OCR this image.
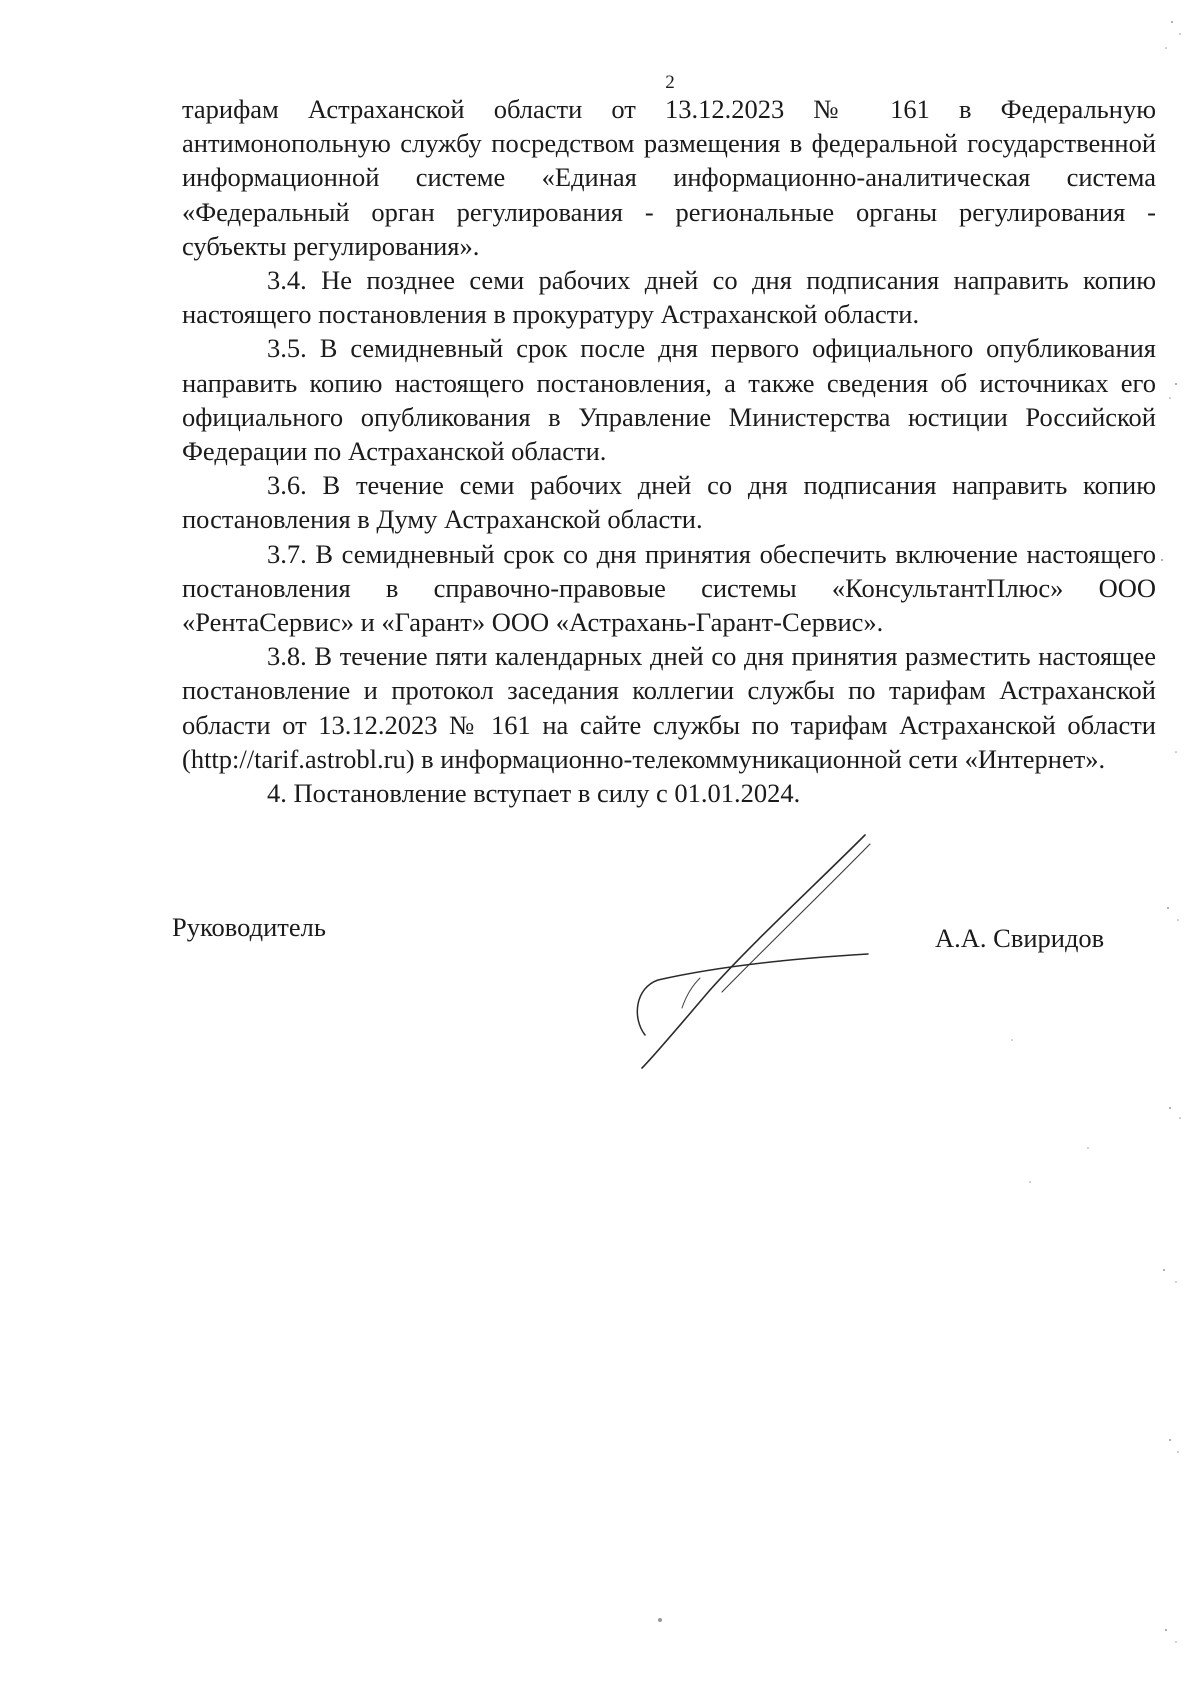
2

тарифам Астраханской области от 13.12.2023 № 161 в Федеральную антимонопольную службу посредством размещения в федеральной государственной информационной системе «Единая информационно-аналитическая система «Федеральный орган регулирования - региональные органы регулирования - субъекты регулирования».

3.4. Не позднее семи рабочих дней со дня подписания направить копию настоящего постановления в прокуратуру Астраханской области.

3.5. В семидневный срок после дня первого официального опубликования направить копию настоящего постановления, а также сведения об источниках его официального опубликования в Управление Министерства юстиции Российской Федерации по Астраханской области.

3.6. В течение семи рабочих дней со дня подписания направить копию постановления в Думу Астраханской области.

3.7. В семидневный срок со дня принятия обеспечить включение настоящего постановления в справочно-правовые системы «КонсультантПлюс» ООО «РентаСервис» и «Гарант» ООО «Астрахань-Гарант-Сервис».

3.8. В течение пяти календарных дней со дня принятия разместить настоящее постановление и протокол заседания коллегии службы по тарифам Астраханской области от 13.12.2023 № 161 на сайте службы по тарифам Астраханской области (http://tarif.astrobl.ru) в информационно-телекоммуникационной сети «Интернет».

4. Постановление вступает в силу с 01.01.2024.

Руководитель	А.А. Свиридов
